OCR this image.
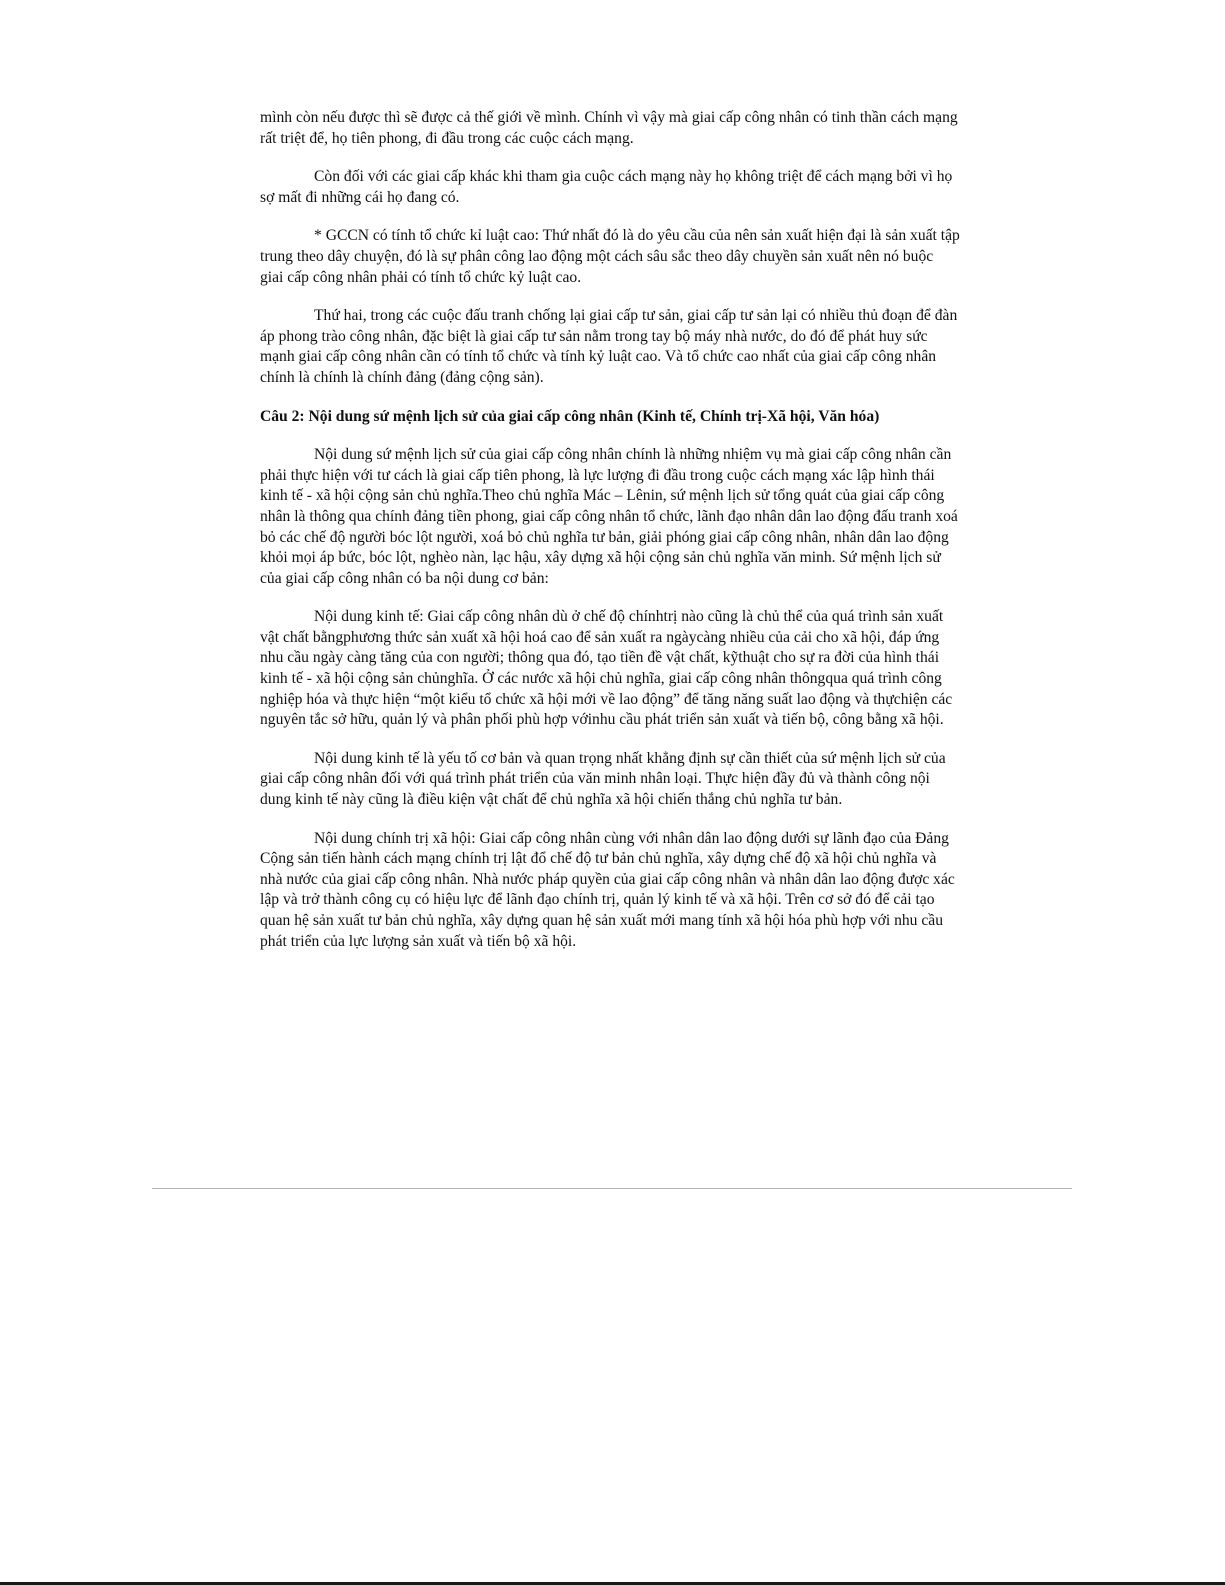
mình còn nếu được thì sẽ được cả thế giới về mình. Chính vì vậy mà giai cấp công nhân có tinh thần cách mạng rất triệt để, họ tiên phong, đi đầu trong các cuộc cách mạng.

Còn đối với các giai cấp khác khi tham gia cuộc cách mạng này họ không triệt để cách mạng bởi vì họ sợ mất đi những cái họ đang có.

* GCCN có tính tổ chức kỉ luật cao: Thứ nhất đó là do yêu cầu của nên sản xuất hiện đại là sản xuất tập trung theo dây chuyện, đó là sự phân công lao động một cách sâu sắc theo dây chuyền sản xuất nên nó buộc giai cấp công nhân phải có tính tổ chức kỷ luật cao.

Thứ hai, trong các cuộc đấu tranh chống lại giai cấp tư sản, giai cấp tư sản lại có nhiều thủ đoạn để đàn áp phong trào công nhân, đặc biệt là giai cấp tư sản nằm trong tay bộ máy nhà nước, do đó để phát huy sức mạnh giai cấp công nhân cần có tính tổ chức và tính kỷ luật cao. Và tổ chức cao nhất của giai cấp công nhân chính là chính là chính đảng (đảng cộng sản).

Câu 2: Nội dung sứ mệnh lịch sử của giai cấp công nhân (Kinh tế, Chính trị-Xã hội, Văn hóa)

Nội dung sứ mệnh lịch sử của giai cấp công nhân chính là những nhiệm vụ mà giai cấp công nhân cần phải thực hiện với tư cách là giai cấp tiên phong, là lực lượng đi đầu trong cuộc cách mạng xác lập hình thái kinh tế - xã hội cộng sản chủ nghĩa.Theo chủ nghĩa Mác – Lênin, sứ mệnh lịch sử tổng quát của giai cấp công nhân là thông qua chính đảng tiền phong, giai cấp công nhân tổ chức, lãnh đạo nhân dân lao động đấu tranh xoá bỏ các chế độ người bóc lột người, xoá bỏ chủ nghĩa tư bản, giải phóng giai cấp công nhân, nhân dân lao động khỏi mọi áp bức, bóc lột, nghèo nàn, lạc hậu, xây dựng xã hội cộng sản chủ nghĩa văn minh. Sứ mệnh lịch sử của giai cấp công nhân có ba nội dung cơ bản:

Nội dung kinh tế: Giai cấp công nhân dù ở chế độ chínhtrị nào cũng là chủ thể của quá trình sản xuất vật chất bằngphương thức sản xuất xã hội hoá cao để sản xuất ra ngàycàng nhiều của cải cho xã hội, đáp ứng nhu cầu ngày càng tăng của con người; thông qua đó, tạo tiền đề vật chất, kỹthuật cho sự ra đời của hình thái kinh tế - xã hội cộng sản chủnghĩa. Ở các nước xã hội chủ nghĩa, giai cấp công nhân thôngqua quá trình công nghiệp hóa và thực hiện “một kiểu tổ chức xã hội mới về lao động” để tăng năng suất lao động và thựchiện các nguyên tắc sở hữu, quản lý và phân phối phù hợp vớinhu cầu phát triển sản xuất và tiến bộ, công bằng xã hội.

Nội dung kinh tế là yếu tố cơ bản và quan trọng nhất khẳng định sự cần thiết của sứ mệnh lịch sử của giai cấp công nhân đối với quá trình phát triển của văn minh nhân loại. Thực hiện đầy đủ và thành công nội dung kinh tế này cũng là điều kiện vật chất để chủ nghĩa xã hội chiến thắng chủ nghĩa tư bản.

Nội dung chính trị xã hội: Giai cấp công nhân cùng với nhân dân lao động dưới sự lãnh đạo của Đảng Cộng sản tiến hành cách mạng chính trị lật đổ chế độ tư bản chủ nghĩa, xây dựng chế độ xã hội chủ nghĩa và nhà nước của giai cấp công nhân. Nhà nước pháp quyền của giai cấp công nhân và nhân dân lao động được xác lập và trở thành công cụ có hiệu lực để lãnh đạo chính trị, quản lý kinh tế và xã hội. Trên cơ sở đó để cải tạo quan hệ sản xuất tư bản chủ nghĩa, xây dựng quan hệ sản xuất mới mang tính xã hội hóa phù hợp với nhu cầu phát triển của lực lượng sản xuất và tiến bộ xã hội.
